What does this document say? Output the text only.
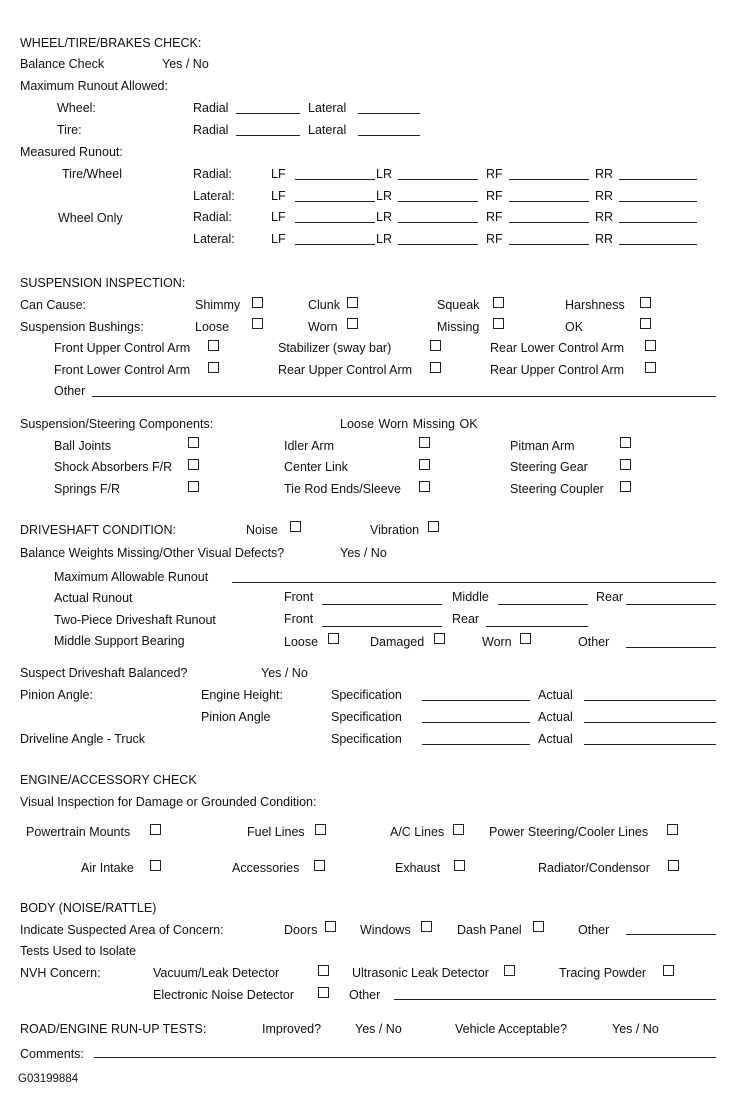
WHEEL/TIRE/BRAKES CHECK:
Balance Check	Yes / No
Maximum Runout Allowed:
Wheel:	Radial	Lateral
Tire:	Radial	Lateral
Measured Runout:
Tire/Wheel	Radial:	LF	LR	RF	RR
Lateral:	LF	LR	RF	RR
Wheel Only	Radial:	LF	LR	RF	RR
Lateral:	LF	LR	RF	RR
SUSPENSION INSPECTION:
Can Cause:	Shimmy	Clunk	Squeak	Harshness
Suspension Bushings:	Loose	Worn	Missing	OK
Front Upper Control Arm	Stabilizer (sway bar)	Rear Lower Control Arm
Front Lower Control Arm	Rear Upper Control Arm	Rear Upper Control Arm
Other
Suspension/Steering Components:	Loose Worn Missing OK
Ball Joints	Idler Arm	Pitman Arm
Shock Absorbers F/R	Center Link	Steering Gear
Springs F/R	Tie Rod Ends/Sleeve	Steering Coupler
DRIVESHAFT CONDITION:	Noise	Vibration
Balance Weights Missing/Other Visual Defects?	Yes / No
Maximum Allowable Runout
Actual Runout	Front	Middle	Rear
Two-Piece Driveshaft Runout	Front	Rear
Middle Support Bearing	Loose	Damaged	Worn	Other
Suspect Driveshaft Balanced?	Yes / No
Pinion Angle:	Engine Height:	Specification	Actual
Pinion Angle	Specification	Actual
Driveline Angle - Truck	Specification	Actual
ENGINE/ACCESSORY CHECK
Visual Inspection for Damage or Grounded Condition:
Powertrain Mounts	Fuel Lines	A/C Lines	Power Steering/Cooler Lines
Air Intake	Accessories	Exhaust	Radiator/Condensor
BODY (NOISE/RATTLE)
Indicate Suspected Area of Concern:	Doors	Windows	Dash Panel	Other
Tests Used to Isolate
NVH Concern:	Vacuum/Leak Detector	Ultrasonic Leak Detector	Tracing Powder
Electronic Noise Detector	Other
ROAD/ENGINE RUN-UP TESTS:	Improved?	Yes / No	Vehicle Acceptable?	Yes / No
Comments:
G03199884
